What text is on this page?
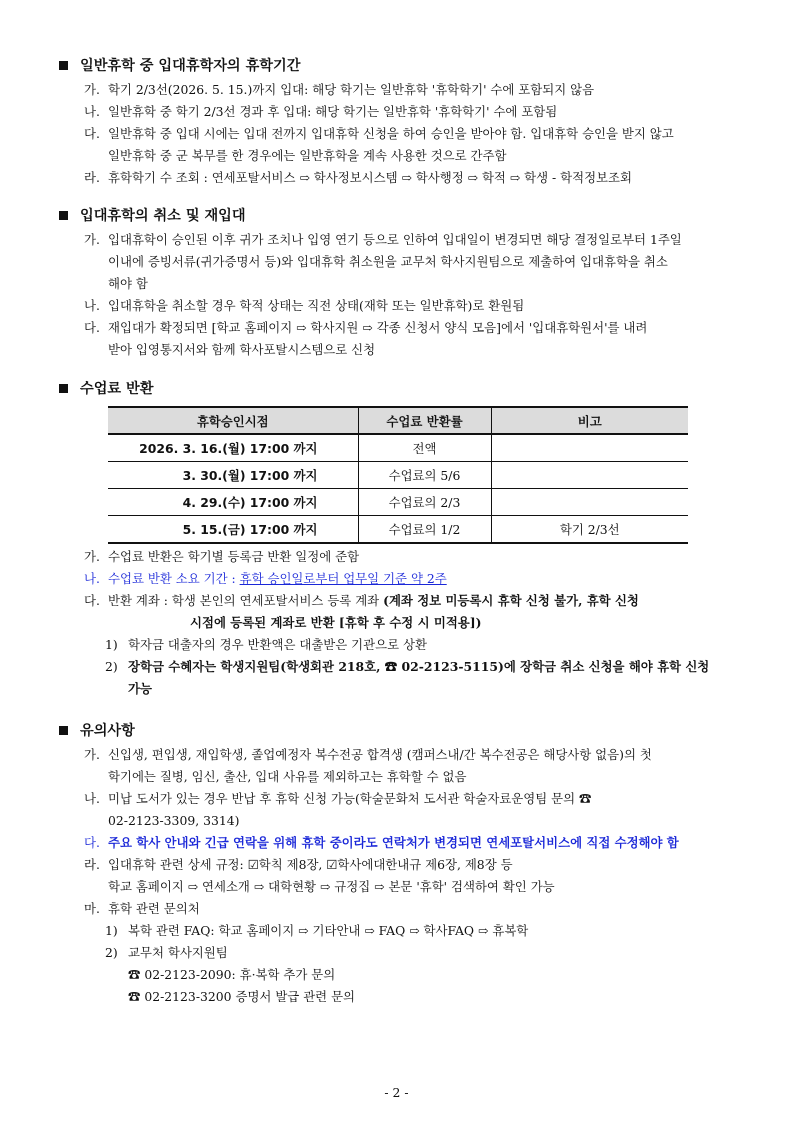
일반휴학 중 입대휴학자의 휴학기간
가. 학기 2/3선(2026. 5. 15.)까지 입대: 해당 학기는 일반휴학 '휴학학기' 수에 포함되지 않음
나. 일반휴학 중 학기 2/3선 경과 후 입대: 해당 학기는 일반휴학 '휴학학기' 수에 포함됨
다. 일반휴학 중 입대 시에는 입대 전까지 입대휴학 신청을 하여 승인을 받아야 함. 입대휴학 승인을 받지 않고
일반휴학 중 군 복무를 한 경우에는 일반휴학을 계속 사용한 것으로 간주함
라. 휴학학기 수 조회 : 연세포탈서비스 ⇨ 학사정보시스템 ⇨ 학사행정 ⇨ 학적 ⇨ 학생 - 학적정보조회
입대휴학의 취소 및 재입대
가. 입대휴학이 승인된 이후 귀가 조치나 입영 연기 등으로 인하여 입대일이 변경되면 해당 결정일로부터 1주일
이내에 증빙서류(귀가증명서 등)와 입대휴학 취소원을 교무처 학사지원팀으로 제출하여 입대휴학을 취소
해야 함
나. 입대휴학을 취소할 경우 학적 상태는 직전 상태(재학 또는 일반휴학)로 환원됨
다. 재입대가 확정되면 [학교 홈페이지 ⇨ 학사지원 ⇨ 각종 신청서 양식 모음]에서 '입대휴학원서'를 내려
받아 입영통지서와 함께 학사포탈시스템으로 신청
수업료 반환
휴학승인시점	수업료 반환률	비고
2026. 3. 16.(월) 17:00 까지	전액	
3. 30.(월) 17:00 까지	수업료의 5/6	
4. 29.(수) 17:00 까지	수업료의 2/3	
5. 15.(금) 17:00 까지	수업료의 1/2	학기 2/3선
가. 수업료 반환은 학기별 등록금 반환 일정에 준함
나. 수업료 반환 소요 기간 : 휴학 승인일로부터 업무일 기준 약 2주
다. 반환 계좌 : 학생 본인의 연세포탈서비스 등록 계좌 (계좌 정보 미등록시 휴학 신청 불가, 휴학 신청
시점에 등록된 계좌로 반환 [휴학 후 수정 시 미적용])
1) 학자금 대출자의 경우 반환액은 대출받은 기관으로 상환
2) 장학금 수혜자는 학생지원팀(학생회관 218호, ☎ 02-2123-5115)에 장학금 취소 신청을 해야 휴학 신청
가능
유의사항
가. 신입생, 편입생, 재입학생, 졸업예정자 복수전공 합격생 (캠퍼스내/간 복수전공은 해당사항 없음)의 첫
학기에는 질병, 임신, 출산, 입대 사유를 제외하고는 휴학할 수 없음
나. 미납 도서가 있는 경우 반납 후 휴학 신청 가능(학술문화처 도서관 학술자료운영팀 문의 ☎
02-2123-3309, 3314)
다. 주요 학사 안내와 긴급 연락을 위해 휴학 중이라도 연락처가 변경되면 연세포탈서비스에 직접 수정해야 함
라. 입대휴학 관련 상세 규정: ☑학칙 제8장, ☑학사에대한내규 제6장, 제8장 등
학교 홈페이지 ⇨ 연세소개 ⇨ 대학현황 ⇨ 규정집 ⇨ 본문 '휴학' 검색하여 확인 가능
마. 휴학 관련 문의처
1) 복학 관련 FAQ: 학교 홈페이지 ⇨ 기타안내 ⇨ FAQ ⇨ 학사FAQ ⇨ 휴복학
2) 교무처 학사지원팀
☎ 02-2123-2090: 휴·복학 추가 문의
☎ 02-2123-3200 증명서 발급 관련 문의
- 2 -
